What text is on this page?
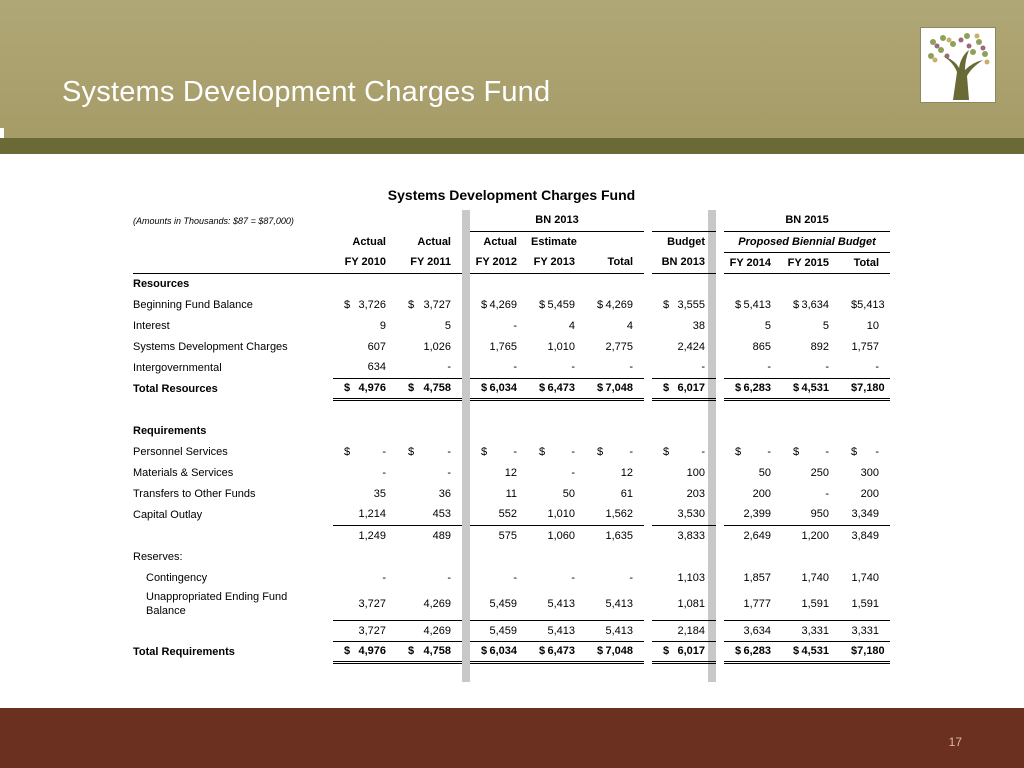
Systems Development Charges Fund
Systems Development Charges Fund
(Amounts in Thousands: $87 = $87,000)				BN 2013						BN 2015		
	Actual	Actual		Actual	Estimate			Budget		Proposed Biennial Budget		
	FY 2010	FY 2011		FY 2012	FY 2013	Total		BN 2013		FY 2014	FY 2015	Total
Resources												
Beginning Fund Balance	$ 3,726	$ 3,727		$ 4,269	$ 5,459	$ 4,269		$ 3,555		$ 5,413	$ 3,634	$ 5,413

Interest	9	5		-	4	4		38		5	5	10
Systems Development Charges	607	1,026		1,765	1,010	2,775		2,424		865	892	1,757
Intergovernmental	634	-		-	-	-		-		-	-	-
Total Resources	$ 4,976	$ 4,758		$ 6,034	$ 6,473	$ 7,048		$ 6,017		$ 6,283	$ 4,531	$ 7,180

Requirements												
Personnel Services	$ -	$ -		$ -	$ -	$ -		$ -		$ -	$ -	$ -

Materials & Services	-	-		12	-	12		100		50	250	300
Transfers to Other Funds	35	36		11	50	61		203		200	-	200
Capital Outlay	1,214	453		552	1,010	1,562		3,530		2,399	950	3,349
	1,249	489		575	1,060	1,635		3,833		2,649	1,200	3,849
Reserves:												
Contingency	-	-		-	-	-		1,103		1,857	1,740	1,740
Unappropriated Ending Fund Balance	3,727	4,269		5,459	5,413	5,413		1,081		1,777	1,591	1,591
	3,727	4,269		5,459	5,413	5,413		2,184		3,634	3,331	3,331
Total Requirements	$ 4,976	$ 4,758		$ 6,034	$ 6,473	$ 7,048		$ 6,017		$ 6,283	$ 4,531	$ 7,180
17
